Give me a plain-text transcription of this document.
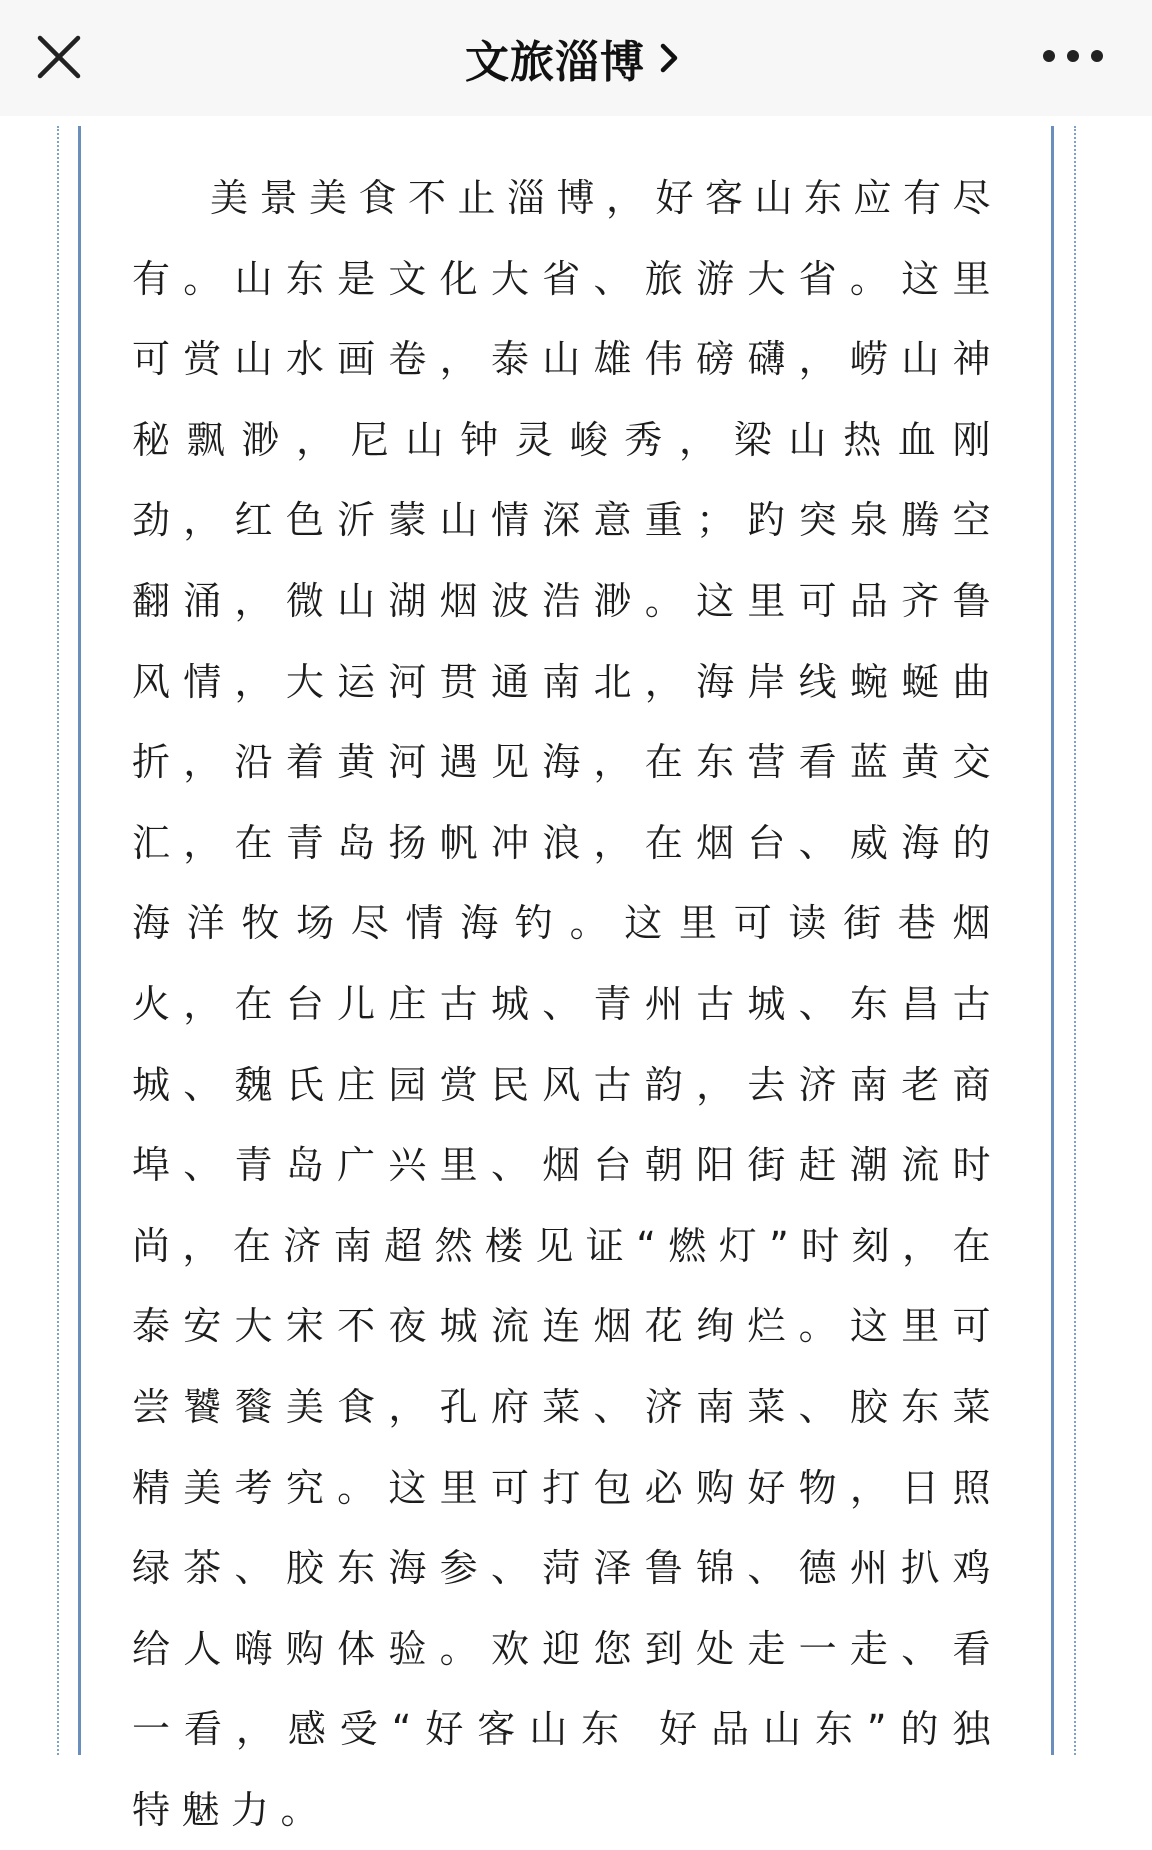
文旅淄博

美景美食不止淄博，好客山东应有尽有。山东是文化大省、旅游大省。这里可赏山水画卷，泰山雄伟磅礴，崂山神秘飘渺，尼山钟灵峻秀，梁山热血刚劲，红色沂蒙山情深意重；趵突泉腾空翻涌，微山湖烟波浩渺。这里可品齐鲁风情，大运河贯通南北，海岸线蜿蜒曲折，沿着黄河遇见海，在东营看蓝黄交汇，在青岛扬帆冲浪，在烟台、威海的海洋牧场尽情海钓。这里可读街巷烟火，在台儿庄古城、青州古城、东昌古城、魏氏庄园赏民风古韵，去济南老商埠、青岛广兴里、烟台朝阳街赶潮流时尚，在济南超然楼见证“燃灯”时刻，在泰安大宋不夜城流连烟花绚烂。这里可尝饕餮美食，孔府菜、济南菜、胶东菜精美考究。这里可打包必购好物，日照绿茶、胶东海参、菏泽鲁锦、德州扒鸡给人嗨购体验。欢迎您到处走一走、看一看，感受“好客山东 好品山东”的独特魅力。
